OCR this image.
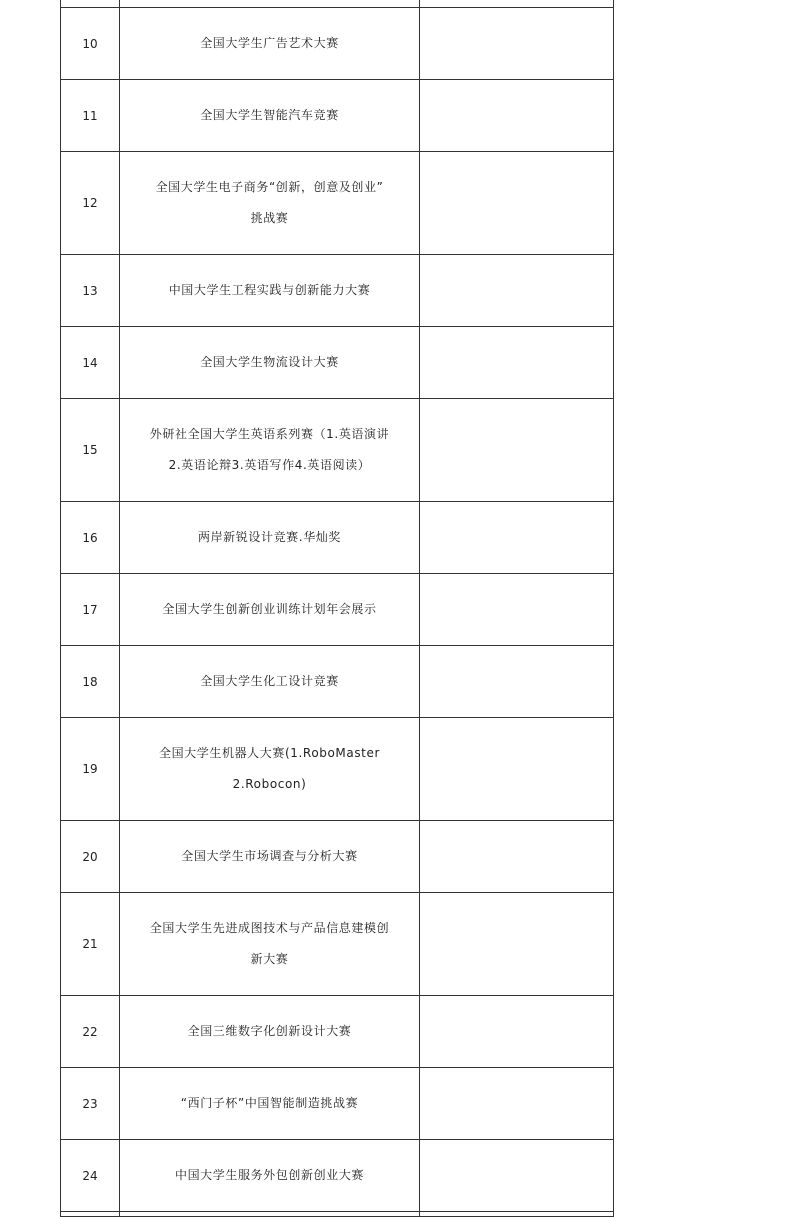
10	全国大学生广告艺术大赛	

11	全国大学生智能汽车竞赛	

12	全国大学生电子商务“创新，创意及创业”
挑战赛	

13	中国大学生工程实践与创新能力大赛	

14	全国大学生物流设计大赛	

15	外研社全国大学生英语系列赛（1.英语演讲
2.英语论辩3.英语写作4.英语阅读）	

16	两岸新锐设计竞赛.华灿奖	

17	全国大学生创新创业训练计划年会展示	

18	全国大学生化工设计竞赛	

19	全国大学生机器人大赛(1.RoboMaster
2.Robocon)	

20	全国大学生市场调查与分析大赛	

21	全国大学生先进成图技术与产品信息建模创
新大赛	

22	全国三维数字化创新设计大赛	

23	“西门子杯”中国智能制造挑战赛	

24	中国大学生服务外包创新创业大赛	
